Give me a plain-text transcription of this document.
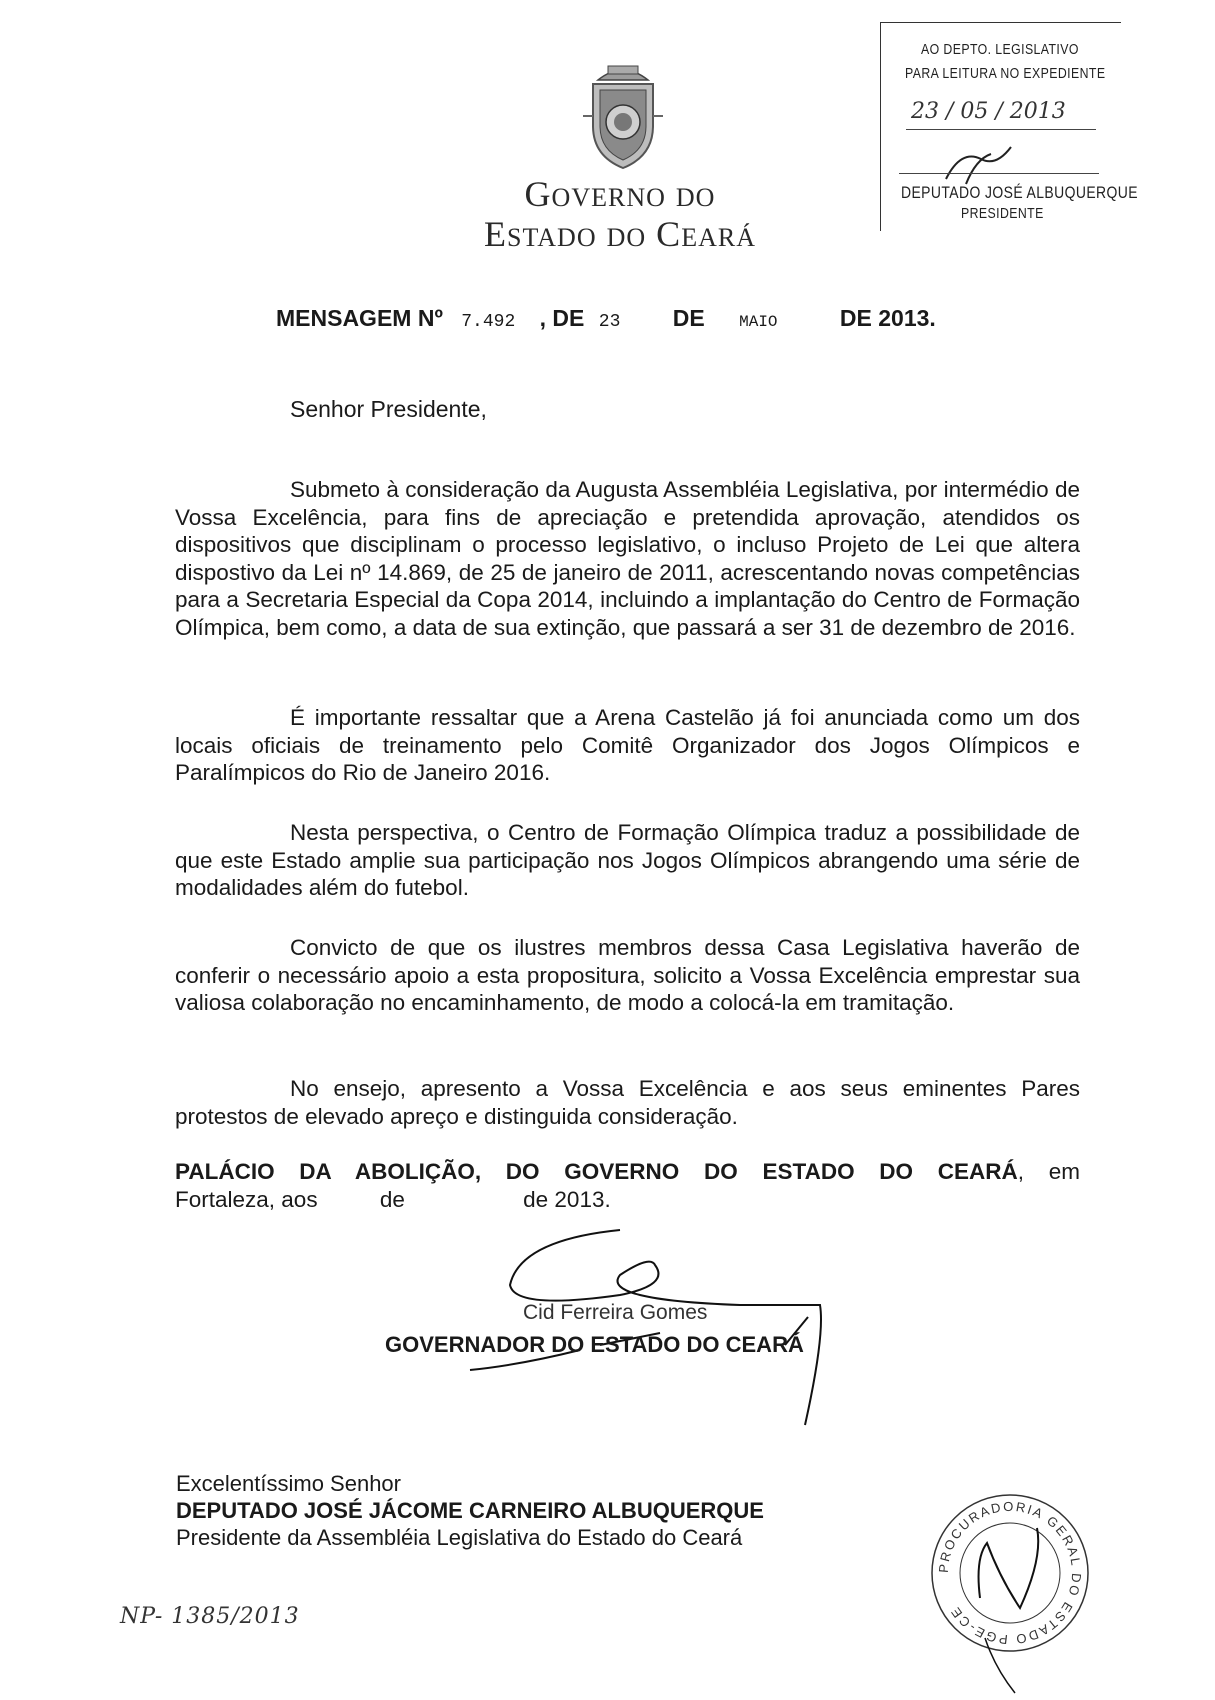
GOVERNO DO
ESTADO DO CEARÁ
AO DEPTO. LEGISLATIVO
PARA LEITURA NO EXPEDIENTE
23 / 05 / 2013
DEPUTADO JOSÉ ALBUQUERQUE
PRESIDENTE
MENSAGEM Nº 7.492 , DE 23 DE MAIO	DE 2013.
Senhor Presidente,

Submeto à consideração da Augusta Assembléia Legislativa, por intermédio de Vossa Excelência, para fins de apreciação e pretendida aprovação, atendidos os dispositivos que disciplinam o processo legislativo, o incluso Projeto de Lei que altera dispostivo da Lei nº 14.869, de 25 de janeiro de 2011, acrescentando novas competências para a Secretaria Especial da Copa 2014, incluindo a implantação do Centro de Formação Olímpica, bem como, a data de sua extinção, que passará a ser 31 de dezembro de 2016.

É importante ressaltar que a Arena Castelão já foi anunciada como um dos locais oficiais de treinamento pelo Comitê Organizador dos Jogos Olímpicos e Paralímpicos do Rio de Janeiro 2016.

Nesta perspectiva, o Centro de Formação Olímpica traduz a possibilidade de que este Estado amplie sua participação nos Jogos Olímpicos abrangendo uma série de modalidades além do futebol.

Convicto de que os ilustres membros dessa Casa Legislativa haverão de conferir o necessário apoio a esta propositura, solicito a Vossa Excelência emprestar sua valiosa colaboração no encaminhamento, de modo a colocá-la em tramitação.

No ensejo, apresento a Vossa Excelência e aos seus eminentes Pares protestos de elevado apreço e distinguida consideração.

PALÁCIO DA ABOLIÇÃO, DO GOVERNO DO ESTADO DO CEARÁ, em
Fortaleza, aos	de	de 2013.
Cid Ferreira Gomes
GOVERNADOR DO ESTADO DO CEARÁ
Excelentíssimo Senhor
DEPUTADO JOSÉ JÁCOME CARNEIRO ALBUQUERQUE
Presidente da Assembléia Legislativa do Estado do Ceará
PROCURADORIA GERAL DO ESTADO PGE-CE
NP- 1385/2013
